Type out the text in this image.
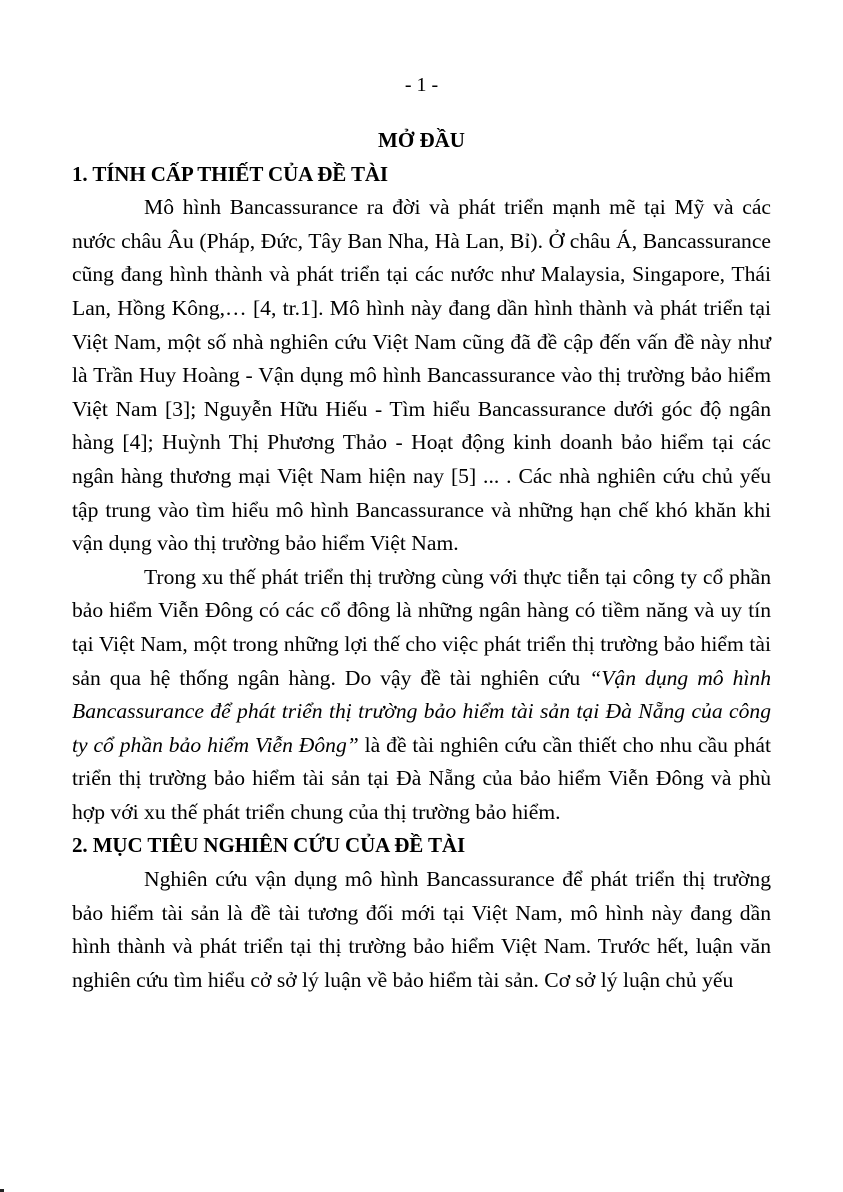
- 1 -
MỞ ĐẦU
1. TÍNH CẤP THIẾT CỦA ĐỀ TÀI

Mô hình Bancassurance ra đời và phát triển mạnh mẽ tại Mỹ và các nước châu Âu (Pháp, Đức, Tây Ban Nha, Hà Lan, Bỉ). Ở châu Á, Bancassurance cũng đang hình thành và phát triển tại các nước như Malaysia, Singapore, Thái Lan, Hồng Kông,… [4, tr.1]. Mô hình này đang dần hình thành và phát triển tại Việt Nam, một số nhà nghiên cứu Việt Nam cũng đã đề cập đến vấn đề này như là Trần Huy Hoàng - Vận dụng mô hình Bancassurance vào thị trường bảo hiểm Việt Nam [3]; Nguyễn Hữu Hiếu - Tìm hiểu Bancassurance dưới góc độ ngân hàng [4]; Huỳnh Thị Phương Thảo - Hoạt động kinh doanh bảo hiểm tại các ngân hàng thương mại Việt Nam hiện nay [5] ... . Các nhà nghiên cứu chủ yếu tập trung vào tìm hiểu mô hình Bancassurance và những hạn chế khó khăn khi vận dụng vào thị trường bảo hiểm Việt Nam.

Trong xu thế phát triển thị trường cùng với thực tiễn tại công ty cổ phần bảo hiểm Viễn Đông có các cổ đông là những ngân hàng có tiềm năng và uy tín tại Việt Nam, một trong những lợi thế cho việc phát triển thị trường bảo hiểm tài sản qua hệ thống ngân hàng. Do vậy đề tài nghiên cứu “Vận dụng mô hình Bancassurance để phát triển thị trường bảo hiểm tài sản tại Đà Nẵng của công ty cổ phần bảo hiểm Viễn Đông” là đề tài nghiên cứu cần thiết cho nhu cầu phát triển thị trường bảo hiểm tài sản tại Đà Nẵng của bảo hiểm Viễn Đông và phù hợp với xu thế phát triển chung của thị trường bảo hiểm.

2. MỤC TIÊU NGHIÊN CỨU CỦA ĐỀ TÀI

Nghiên cứu vận dụng mô hình Bancassurance để phát triển thị trường bảo hiểm tài sản là đề tài tương đối mới tại Việt Nam, mô hình này đang dần hình thành và phát triển tại thị trường bảo hiểm Việt Nam. Trước hết, luận văn nghiên cứu tìm hiểu cở sở lý luận về bảo hiểm tài sản. Cơ sở lý luận chủ yếu
